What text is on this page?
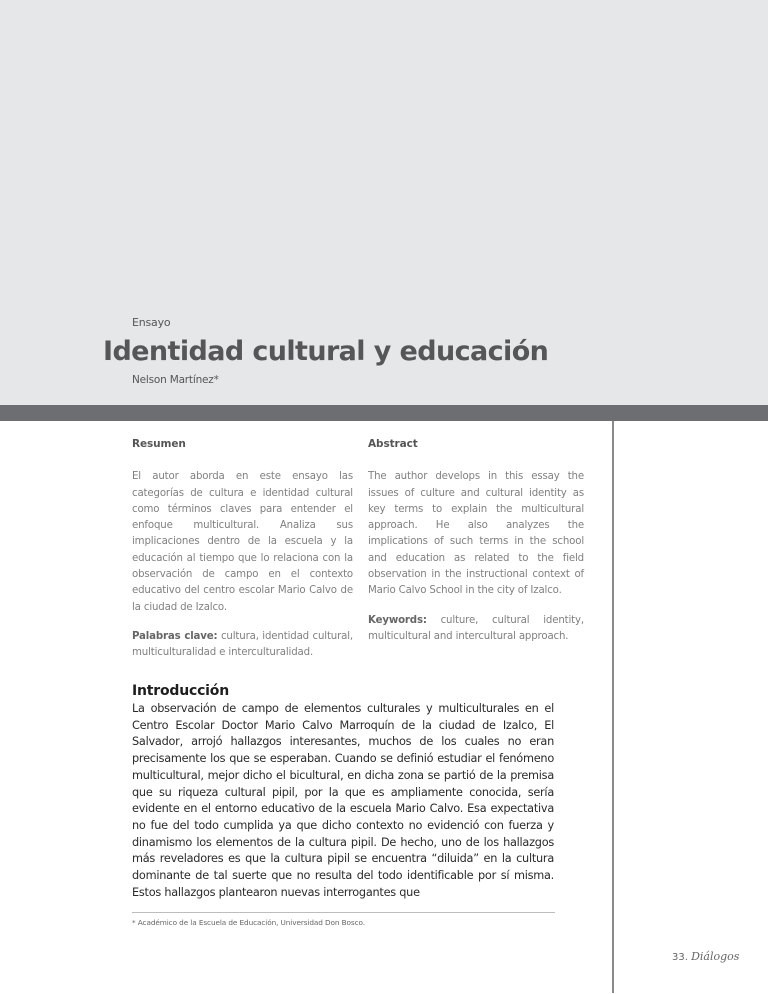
Ensayo
Identidad cultural y educación
Nelson Martínez*
Resumen

El autor aborda en este ensayo las categorías de cultura e identidad cultural como términos claves para entender el enfoque multicultural. Analiza sus implicaciones dentro de la escuela y la educación al tiempo que lo relaciona con la observación de campo en el contexto educativo del centro escolar Mario Calvo de la ciudad de Izalco.

Palabras clave: cultura, identidad cultural, multiculturalidad e interculturalidad.

Abstract

The author develops in this essay the issues of culture and cultural identity as key terms to explain the multicultural approach. He also analyzes the implications of such terms in the school and education as related to the field observation in the instructional context of Mario Calvo School in the city of Izalco.

Keywords: culture, cultural identity, multicultural and intercultural approach.

Introducción

La observación de campo de elementos culturales y multiculturales en el Centro Escolar Doctor Mario Calvo Marroquín de la ciudad de Izalco, El Salvador, arrojó hallazgos interesantes, muchos de los cuales no eran precisamente los que se esperaban. Cuando se definió estudiar el fenómeno multicultural, mejor dicho el bicultural, en dicha zona se partió de la premisa que su riqueza cultural pipil, por la que es ampliamente conocida, sería evidente en el entorno educativo de la escuela Mario Calvo. Esa expectativa no fue del todo cumplida ya que dicho contexto no evidenció con fuerza y dinamismo los elementos de la cultura pipil. De hecho, uno de los hallazgos más reveladores es que la cultura pipil se encuentra “diluida” en la cultura dominante de tal suerte que no resulta del todo identificable por sí misma. Estos hallazgos plantearon nuevas interrogantes que

* Académico de la Escuela de Educación, Universidad Don Bosco.
33. Diálogos
